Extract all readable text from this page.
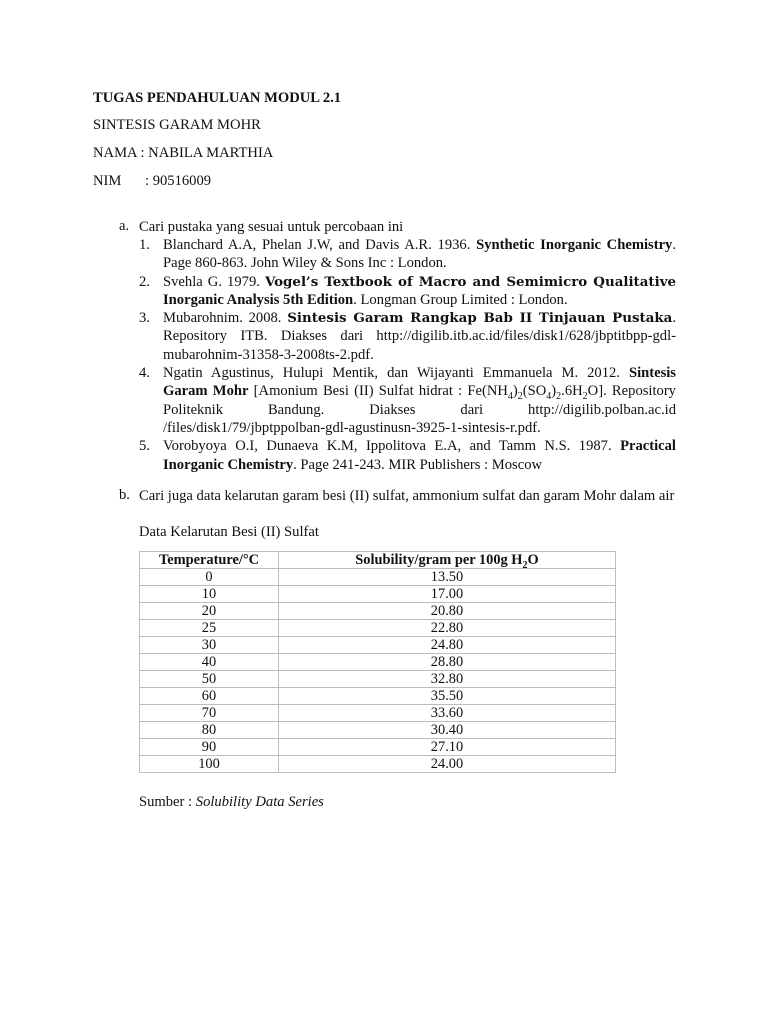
TUGAS PENDAHULUAN MODUL 2.1
SINTESIS GARAM MOHR
NAMA : NABILA MARTHIA
NIM : 90516009
a. Cari pustaka yang sesuai untuk percobaan ini
1. Blanchard A.A, Phelan J.W, and Davis A.R. 1936. Synthetic Inorganic Chemistry. Page 860-863. John Wiley & Sons Inc : London.
2. Svehla G. 1979. Vogel’s Textbook of Macro and Semimicro Qualitative Inorganic Analysis 5th Edition. Longman Group Limited : London.
3. Mubarohnim. 2008. Sintesis Garam Rangkap Bab II Tinjauan Pustaka. Repository ITB. Diakses dari http://digilib.itb.ac.id/files/disk1/628/jbptitbpp-gdl-mubarohnim-31358-3-2008ts-2.pdf.
4. Ngatin Agustinus, Hulupi Mentik, dan Wijayanti Emmanuela M. 2012. Sintesis Garam Mohr [Amonium Besi (II) Sulfat hidrat : $Fe(NH_4)_2(SO_4)_2.6H_2O$]. Repository Politeknik Bandung. Diakses dari http://digilib.polban.ac.id /files/disk1/79/jbptppolban-gdl-agustinusn-3925-1-sintesis-r.pdf.
5. Vorobyoya O.I, Dunaeva K.M, Ippolitova E.A, and Tamm N.S. 1987. Practical Inorganic Chemistry. Page 241-243. MIR Publishers : Moscow
b. Cari juga data kelarutan garam besi (II) sulfat, ammonium sulfat dan garam Mohr dalam air
Data Kelarutan Besi (II) Sulfat
Temperature/°C	Solubility/gram per 100g $H_2O$
0	13.50
10	17.00
20	20.80
25	22.80
30	24.80
40	28.80
50	32.80
60	35.50
70	33.60
80	30.40
90	27.10
100	24.00
Sumber : Solubility Data Series
